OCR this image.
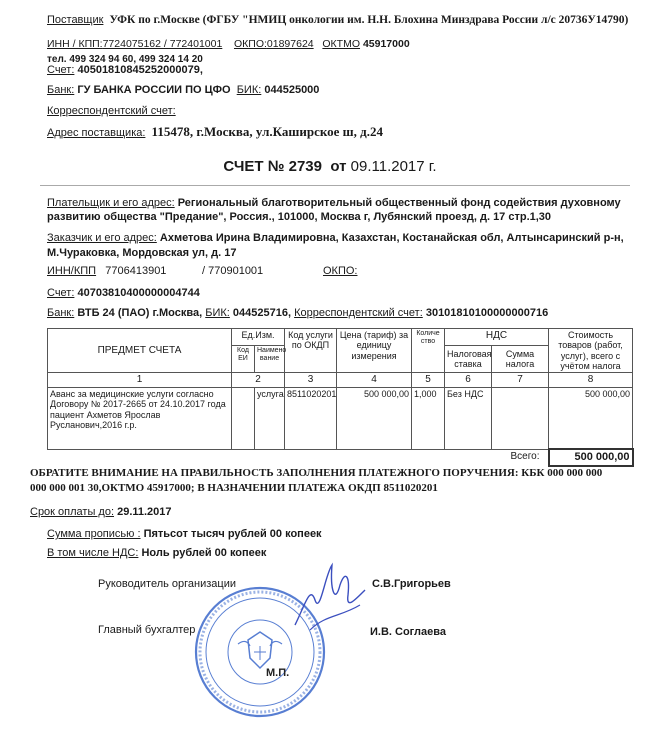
Поставщик УФК по г.Москве (ФГБУ "НМИЦ онкологии им. Н.Н. Блохина Минздрава России л/с 20736У14790)
ИНН / КПП:7724075162 / 772401001 ОКПО:01897624 ОКТМО 45917000
тел. 499 324 94 60, 499 324 14 20
Счет: 40501810845252000079,
Банк: ГУ БАНКА РОССИИ ПО ЦФО БИК: 044525000
Корреспондентский счет:
Адрес поставщика: 115478, г.Москва, ул.Каширское ш, д.24
СЧЕТ № 2739 от 09.11.2017 г.
Плательщик и его адрес: Региональный благотворительный общественный фонд содействия духовному
развитию общества "Предание", Россия., 101000, Москва г, Лубянский проезд, д. 17 стр.1,30
Заказчик и его адрес: Ахметова Ирина Владимировна, Казахстан, Костанайская обл, Алтынсаринский р-н,
М.Чураковка, Мордовская ул, д. 17
ИНН/КПП 7706413901	/ 770901001	ОКПО:
Счет: 40703810400000004744
Банк: ВТБ 24 (ПАО) г.Москва, БИК: 044525716, Корреспондентский счет: 30101810100000000716
ПРЕДМЕТ СЧЕТА	Ед.Изм.		Код услуги по ОКДП	Цена (тариф) за единицу измерения	Количе ство	НДС		Стоимость товаров (работ, услуг), всего с учётом налога
	Код ЕИ	Наимено вание				Налоговая ставка	Сумма налога	
1	2		3	4	5	6	7	8
Аванс за медицинские услуги согласно Договору № 2017-2665 от 24.10.2017 года пациент Ахметов Ярослав Русланович,2016 г.р.		услуга	8511020201	500 000,00	1,000	Без НДС		500 000,00
Всего:								500 000,00
ОБРАТИТЕ ВНИМАНИЕ НА ПРАВИЛЬНОСТЬ ЗАПОЛНЕНИЯ ПЛАТЕЖНОГО ПОРУЧЕНИЯ: КБК 000 000 000
000 000 001 30,ОКТМО 45917000; В НАЗНАЧЕНИИ ПЛАТЕЖА ОКДП 8511020201
Срок оплаты до: 29.11.2017
Сумма прописью : Пятьсот тысяч рублей 00 копеек
В том числе НДС: Ноль рублей 00 копеек
М.П.
Руководитель организации	С.В.Григорьев
Главный бухгалтер	И.В. Соглаева
